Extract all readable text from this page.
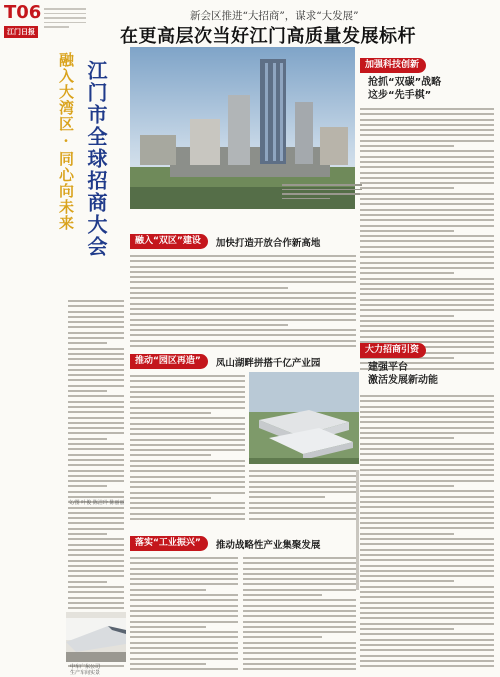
T06
江门日报
新会区推进“大招商”，谋求“大发展”
在更高层次当好江门高质量发展标杆
融入大湾区·同心向未来 江门市全球招商大会
文/图 叶俊 陈洁玲 陈丽丽
加强科技创新
抢抓“双碳”战略
这步“先手棋”
融入“双区”建设	加快打造开放合作新高地
推动“园区再造”	凤山湖畔拼搭千亿产业园
大力招商引资
建强平台
激活发展新动能
落实“工业振兴”	推动战略性产业集聚发展
中车广东公司
生产车间实景
